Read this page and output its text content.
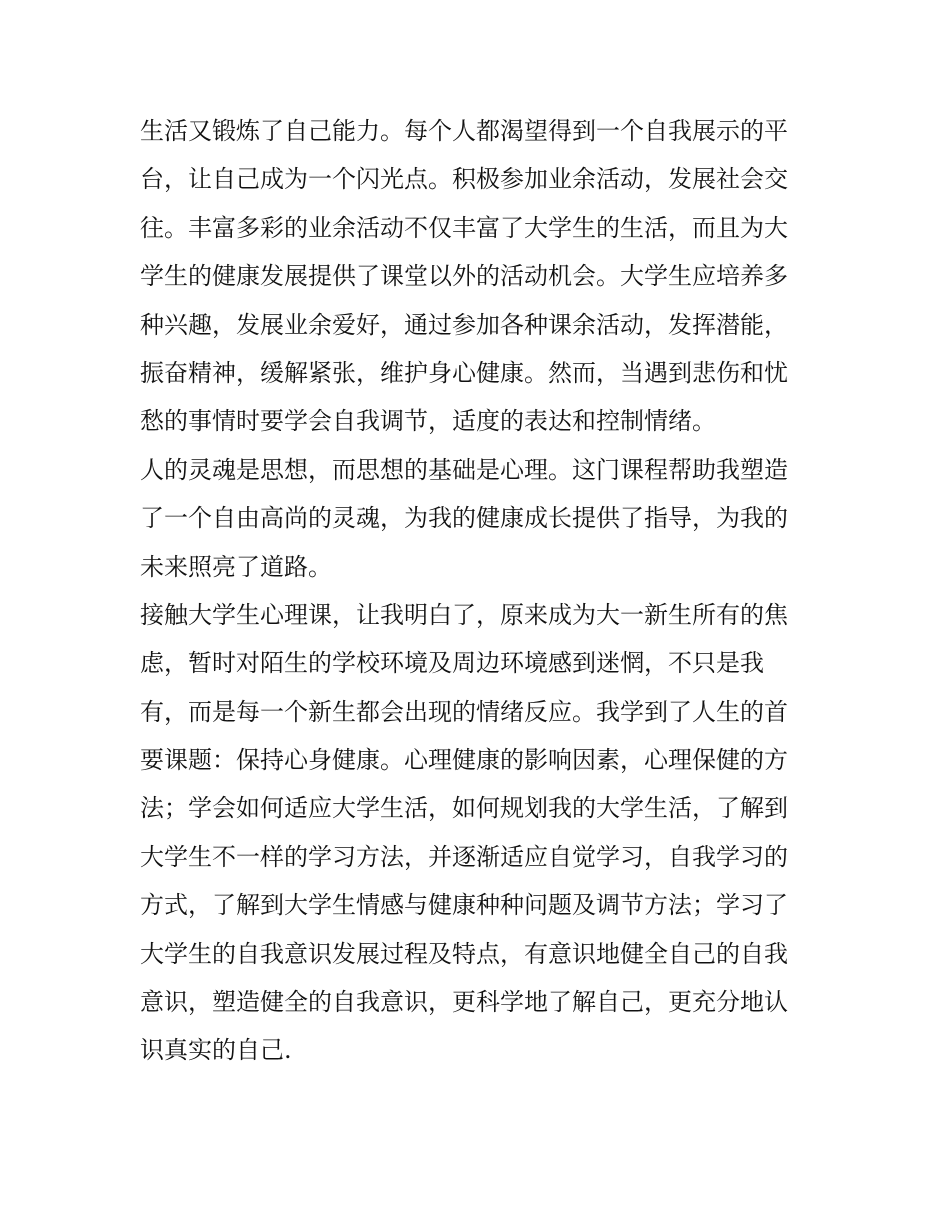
生活又锻炼了自己能力。每个人都渴望得到一个自我展示的平
台，让自己成为一个闪光点。积极参加业余活动，发展社会交
往。丰富多彩的业余活动不仅丰富了大学生的生活，而且为大
学生的健康发展提供了课堂以外的活动机会。大学生应培养多
种兴趣，发展业余爱好，通过参加各种课余活动，发挥潜能，
振奋精神，缓解紧张，维护身心健康。然而，当遇到悲伤和忧
愁的事情时要学会自我调节，适度的表达和控制情绪。
人的灵魂是思想，而思想的基础是心理。这门课程帮助我塑造
了一个自由高尚的灵魂，为我的健康成长提供了指导，为我的
未来照亮了道路。
接触大学生心理课，让我明白了，原来成为大一新生所有的焦
虑，暂时对陌生的学校环境及周边环境感到迷惘，不只是我
有，而是每一个新生都会出现的情绪反应。我学到了人生的首
要课题：保持心身健康。心理健康的影响因素，心理保健的方
法；学会如何适应大学生活，如何规划我的大学生活，了解到
大学生不一样的学习方法，并逐渐适应自觉学习，自我学习的
方式，了解到大学生情感与健康种种问题及调节方法；学习了
大学生的自我意识发展过程及特点，有意识地健全自己的自我
意识，塑造健全的自我意识，更科学地了解自己，更充分地认
识真实的自己.
